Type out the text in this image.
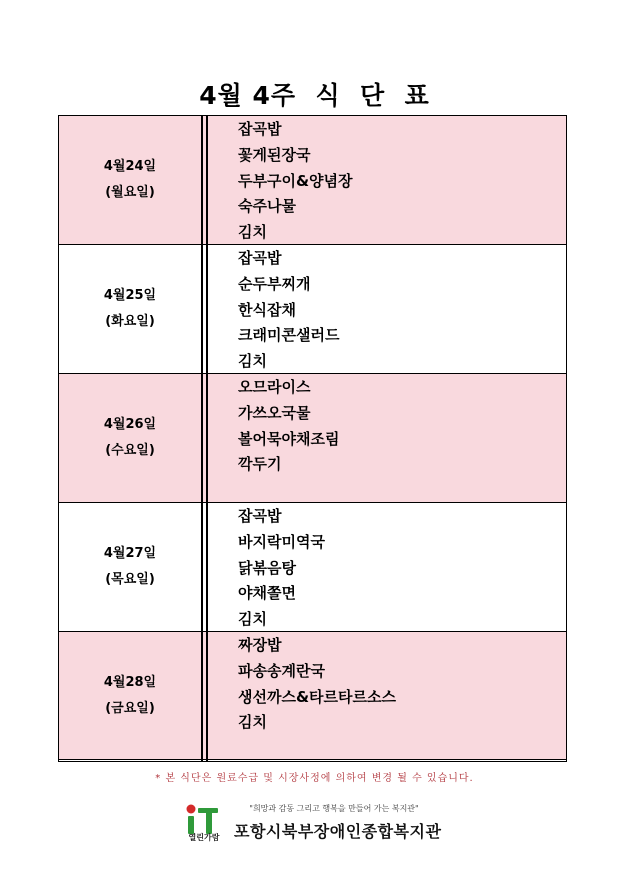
4월 4주  식  단  표
4월24일
(월요일)
잡곡밥
꽃게된장국
두부구이&양념장
숙주나물
김치
4월25일
(화요일)
잡곡밥
순두부찌개
한식잡채
크래미콘샐러드
김치
4월26일
(수요일)
오므라이스
가쓰오국물
볼어묵야채조림
깍두기
4월27일
(목요일)
잡곡밥
바지락미역국
닭볶음탕
야채쫄면
김치
4월28일
(금요일)
짜장밥
파송송계란국
생선까스&타르타르소스
김치
* 본 식단은 원료수급 및 시장사정에 의하여 변경 될 수 있습니다.
열린가람
"희망과 감동 그리고 행복을 만들어 가는 복지관"
포항시북부장애인종합복지관
